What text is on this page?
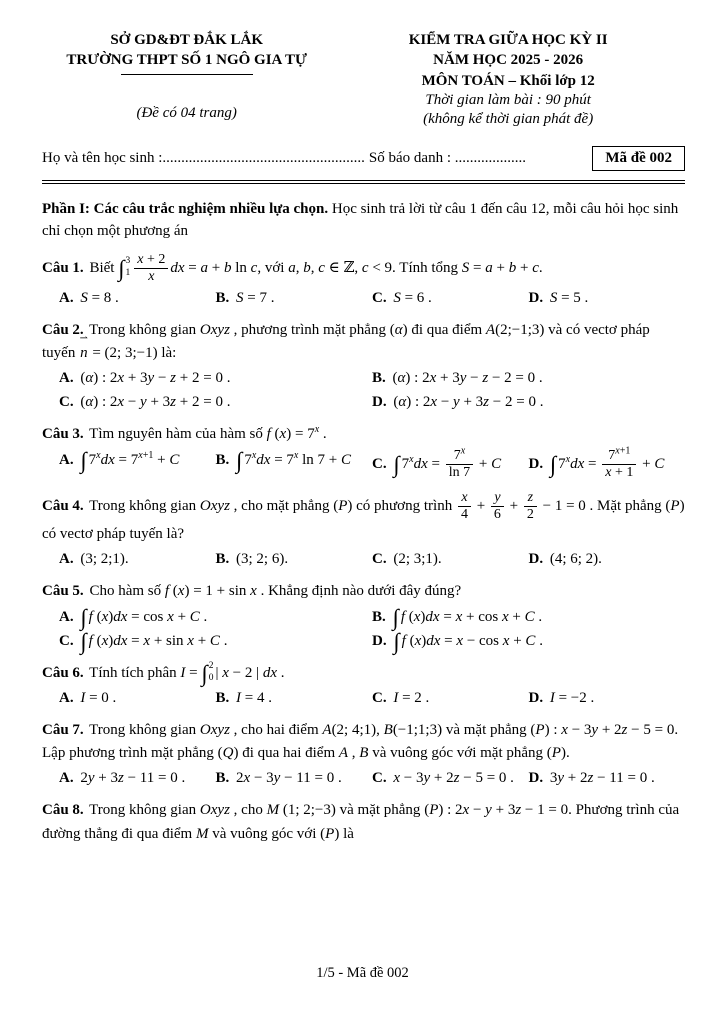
SỞ GD&ĐT ĐẮK LẮK
TRƯỜNG THPT SỐ 1 NGÔ GIA TỰ
(Đề có 04 trang)
KIỂM TRA GIỮA HỌC KỲ II
NĂM HỌC 2025 - 2026
MÔN TOÁN – Khối lớp 12
Thời gian làm bài : 90 phút
(không kể thời gian phát đề)
Họ và tên học sinh :...................................................... Số báo danh : ...................	Mã đề 002

Phần I: Các câu trắc nghiệm nhiều lựa chọn. Học sinh trả lời từ câu 1 đến câu 12, mỗi câu hỏi học sinh chỉ chọn một phương án

Câu 1. Biết ∫ 3
$1 \frac{x + 2}{x}$ dx = a + b ln c, với a, b, c ∈ ℤ, c < 9. Tính tổng S = a + b + c.
A. S = 8 .	B. S = 7 .	C. S = 6 .	D. S = 5 .
Câu 2. Trong không gian Oxyz , phương trình mặt phẳng (α) đi qua điểm A(2;−1;3) và có vectơ pháp tuyến
⇀
n = (2; 3;−1) là:
A. (α) : 2x + 3y − z + 2 = 0 .	B. (α) : 2x + 3y − z − 2 = 0 .
C. (α) : 2x − y + 3z + 2 = 0 .	D. (α) : 2x − y + 3z − 2 = 0 .
Câu 3. Tìm nguyên hàm của hàm số f $(x) = 7^x$ .
A. ∫ $7^xdx = 7^{x+1} + C$	B. ∫ $7^xdx = 7^x$ ln 7 + C	C. ∫ $7^xdx = \frac{7^x}{\ln 7} + C$	D. ∫ $7^xdx = \frac{7^{x+1}}{x + 1} + C$
Câu 4. Trong không gian Oxyz , cho mặt phẳng (P) có phương trình $\frac{x}{4} + \frac{y}{6} + \frac{z}{2} - 1 = 0$ . Mặt phẳng (P) có vectơ pháp tuyến là?
A. (3; 2;1).	B. (3; 2; 6).	C. (2; 3;1).	D. (4; 6; 2).
Câu 5. Cho hàm số f (x) = 1 + sin x . Khẳng định nào dưới đây đúng?
A. ∫ f (x)dx = cos x + C .	B. ∫ f (x)dx = x + cos x + C .
C. ∫ f (x)dx = x + sin x + C .	D. ∫ f (x)dx = x − cos x + C .
Câu 6. Tính tích phân I = ∫ 2
0 | x − 2 | dx .
A. I = 0 .	B. I = 4 .	C. I = 2 .	D. I = −2 .
Câu 7. Trong không gian Oxyz , cho hai điểm A(2; 4;1), B(−1;1;3) và mặt phẳng (P) : x − 3y + 2z − 5 = 0. Lập phương trình mặt phẳng (Q) đi qua hai điểm A , B và vuông góc với mặt phẳng (P).
A. 2y + 3z − 11 = 0 .	B. 2x − 3y − 11 = 0 .	C. x − 3y + 2z − 5 = 0 . D. 3y + 2z − 11 = 0 .
Câu 8. Trong không gian Oxyz , cho M (1; 2;−3) và mặt phẳng (P) : 2x − y + 3z − 1 = 0. Phương trình của đường thẳng đi qua điểm M và vuông góc với (P) là
1/5 - Mã đề 002
